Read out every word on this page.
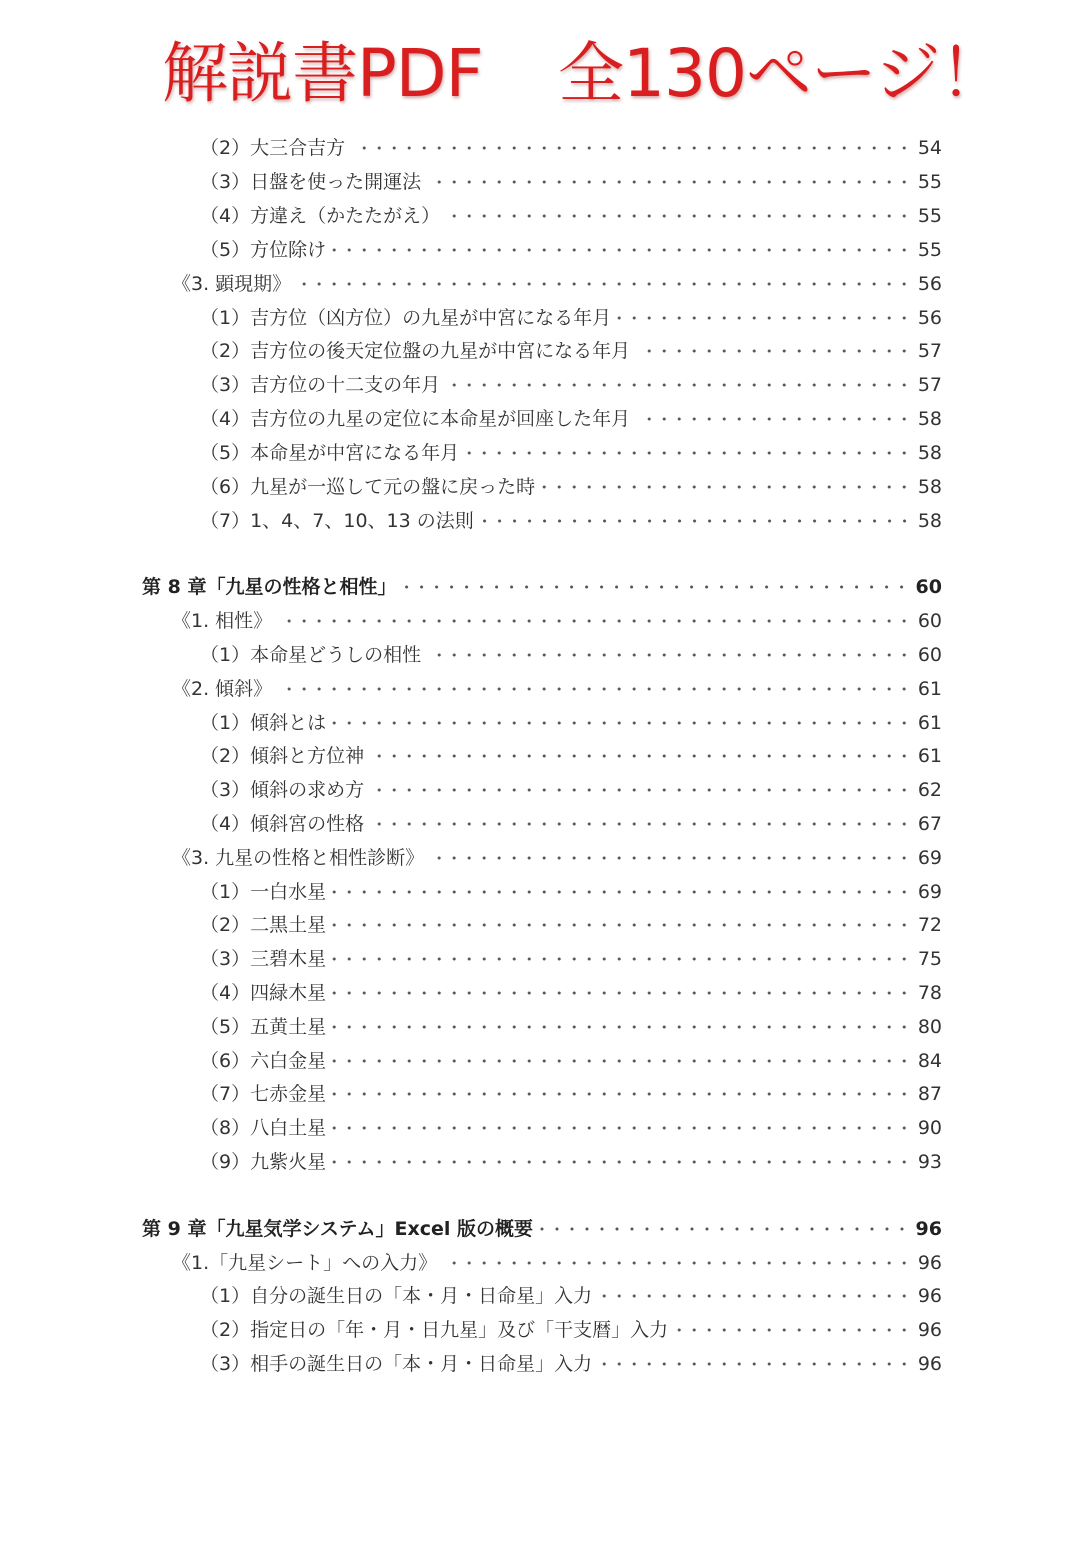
解説書PDF 全130ページ！
（2）大三合吉方	54
（3）日盤を使った開運法	55
（4）方違え（かたたがえ）	55
（5）方位除け	55
《3. 顕現期》	56
（1）吉方位（凶方位）の九星が中宮になる年月	56
（2）吉方位の後天定位盤の九星が中宮になる年月	57
（3）吉方位の十二支の年月	57
（4）吉方位の九星の定位に本命星が回座した年月	58
（5）本命星が中宮になる年月	58
（6）九星が一巡して元の盤に戻った時	58
（7）1、4、7、10、13 の法則	58
第 8 章「九星の性格と相性」	60
《1. 相性》	60
（1）本命星どうしの相性	60
《2. 傾斜》	61
（1）傾斜とは	61
（2）傾斜と方位神	61
（3）傾斜の求め方	62
（4）傾斜宮の性格	67
《3. 九星の性格と相性診断》	69
（1）一白水星	69
（2）二黒土星	72
（3）三碧木星	75
（4）四緑木星	78
（5）五黄土星	80
（6）六白金星	84
（7）七赤金星	87
（8）八白土星	90
（9）九紫火星	93
第 9 章「九星気学システム」Excel 版の概要	96
《1.「九星シート」への入力》	96
（1）自分の誕生日の「本・月・日命星」入力	96
（2）指定日の「年・月・日九星」及び「干支暦」入力	96
（3）相手の誕生日の「本・月・日命星」入力	96
